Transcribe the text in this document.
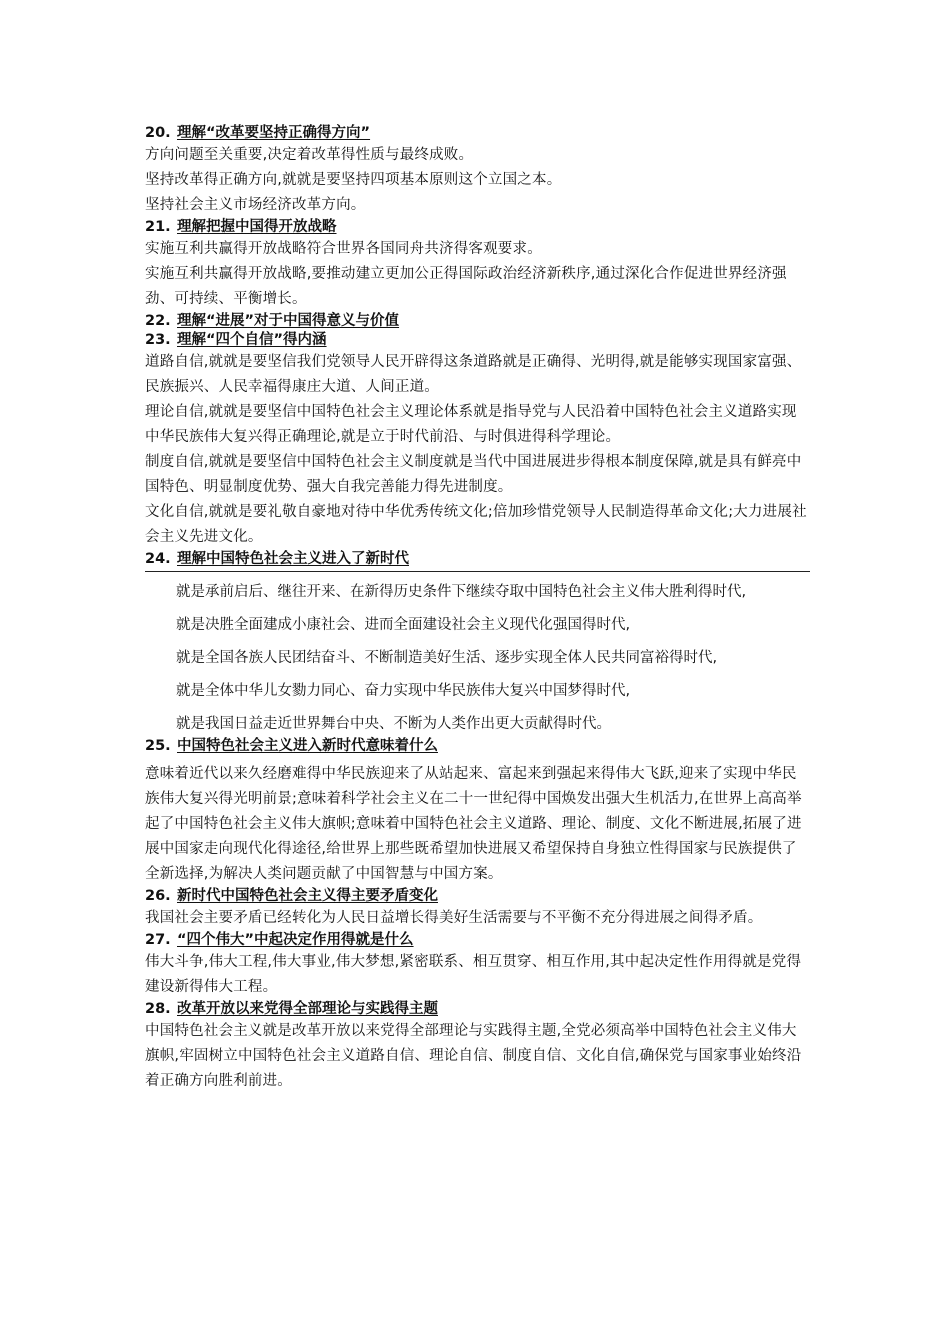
20. 理解“改革要坚持正确得方向”
方向问题至关重要,决定着改革得性质与最终成败。
坚持改革得正确方向,就就是要坚持四项基本原则这个立国之本。
坚持社会主义市场经济改革方向。
21. 理解把握中国得开放战略
实施互利共赢得开放战略符合世界各国同舟共济得客观要求。
实施互利共赢得开放战略,要推动建立更加公正得国际政治经济新秩序,通过深化合作促进世界经济强劲、可持续、平衡增长。
22. 理解“进展”对于中国得意义与价值
23. 理解“四个自信”得内涵
道路自信,就就是要坚信我们党领导人民开辟得这条道路就是正确得、光明得,就是能够实现国家富强、民族振兴、人民幸福得康庄大道、人间正道。
理论自信,就就是要坚信中国特色社会主义理论体系就是指导党与人民沿着中国特色社会主义道路实现中华民族伟大复兴得正确理论,就是立于时代前沿、与时俱进得科学理论。
制度自信,就就是要坚信中国特色社会主义制度就是当代中国进展进步得根本制度保障,就是具有鲜亮中国特色、明显制度优势、强大自我完善能力得先进制度。
文化自信,就就是要礼敬自豪地对待中华优秀传统文化;倍加珍惜党领导人民制造得革命文化;大力进展社会主义先进文化。
24. 理解中国特色社会主义进入了新时代
就是承前启后、继往开来、在新得历史条件下继续夺取中国特色社会主义伟大胜利得时代,
就是决胜全面建成小康社会、进而全面建设社会主义现代化强国得时代,
就是全国各族人民团结奋斗、不断制造美好生活、逐步实现全体人民共同富裕得时代,
就是全体中华儿女勠力同心、奋力实现中华民族伟大复兴中国梦得时代,
就是我国日益走近世界舞台中央、不断为人类作出更大贡献得时代。
25. 中国特色社会主义进入新时代意味着什么
意味着近代以来久经磨难得中华民族迎来了从站起来、富起来到强起来得伟大飞跃,迎来了实现中华民族伟大复兴得光明前景;意味着科学社会主义在二十一世纪得中国焕发出强大生机活力,在世界上高高举起了中国特色社会主义伟大旗帜;意味着中国特色社会主义道路、理论、制度、文化不断进展,拓展了进展中国家走向现代化得途径,给世界上那些既希望加快进展又希望保持自身独立性得国家与民族提供了全新选择,为解决人类问题贡献了中国智慧与中国方案。
26. 新时代中国特色社会主义得主要矛盾变化
我国社会主要矛盾已经转化为人民日益增长得美好生活需要与不平衡不充分得进展之间得矛盾。
27. “四个伟大”中起决定作用得就是什么
伟大斗争,伟大工程,伟大事业,伟大梦想,紧密联系、相互贯穿、相互作用,其中起决定性作用得就是党得建设新得伟大工程。
28. 改革开放以来党得全部理论与实践得主题
中国特色社会主义就是改革开放以来党得全部理论与实践得主题,全党必须高举中国特色社会主义伟大旗帜,牢固树立中国特色社会主义道路自信、理论自信、制度自信、文化自信,确保党与国家事业始终沿着正确方向胜利前进。
